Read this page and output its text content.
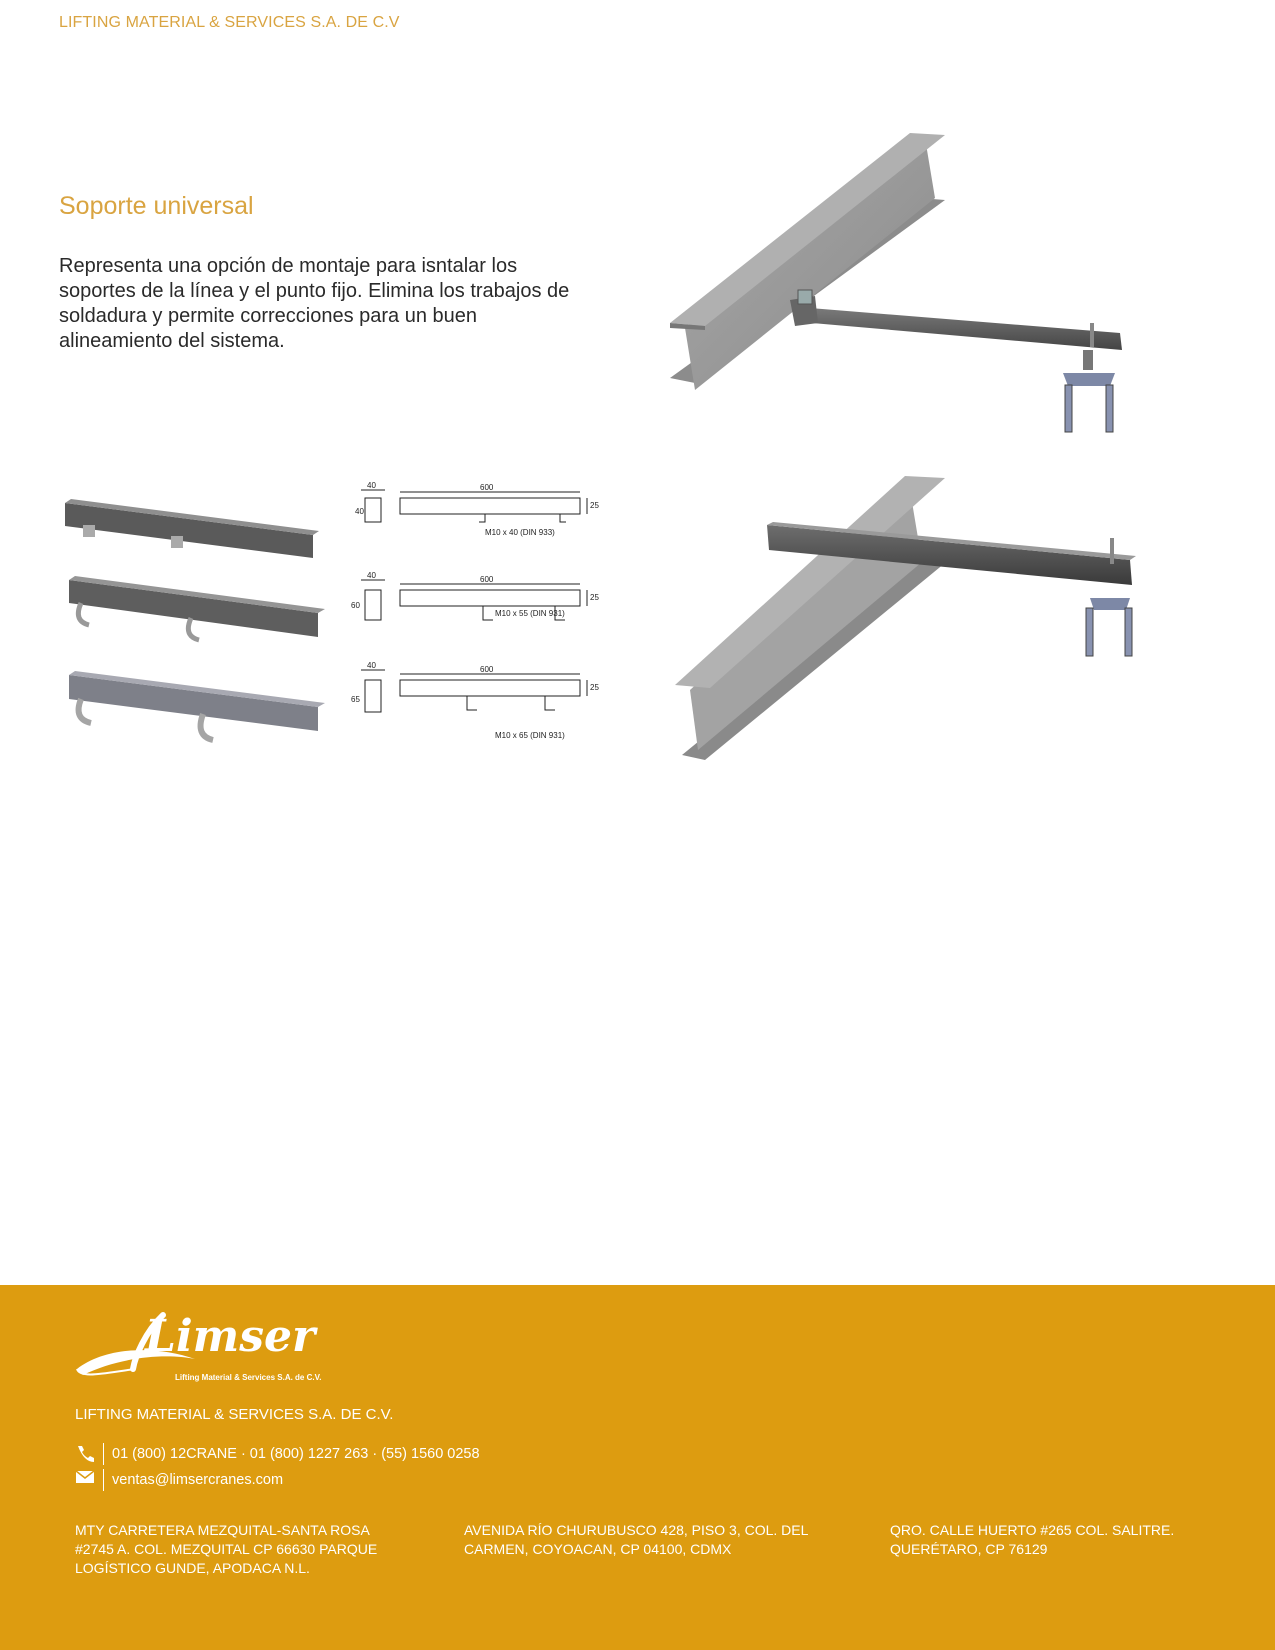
LIFTING MATERIAL & SERVICES S.A. DE C.V

Soporte universal

Representa una opción de montaje para isntalar los soportes de la línea y el punto fijo. Elimina los trabajos de soldadura y permite correcciones para un buen alineamiento del sistema.

40
40
600
25
M10 x 40 (DIN 933)
40
60
600
25
M10 x 55 (DIN 931)
40
65
600
25
M10 x 65 (DIN 931)

Limser

Lifting Material & Services S.A. de C.V.

LIFTING MATERIAL & SERVICES S.A. DE C.V.

01 (800) 12CRANE · 01 (800) 1227 263 · (55) 1560 0258
ventas@limsercranes.com

MTY CARRETERA MEZQUITAL-SANTA ROSA #2745 A. COL. MEZQUITAL CP 66630 PARQUE LOGÍSTICO GUNDE, APODACA N.L.

AVENIDA RÍO CHURUBUSCO 428, PISO 3, COL. DEL CARMEN, COYOACAN, CP 04100, CDMX

QRO. CALLE HUERTO #265 COL. SALITRE. QUERÉTARO, CP 76129
